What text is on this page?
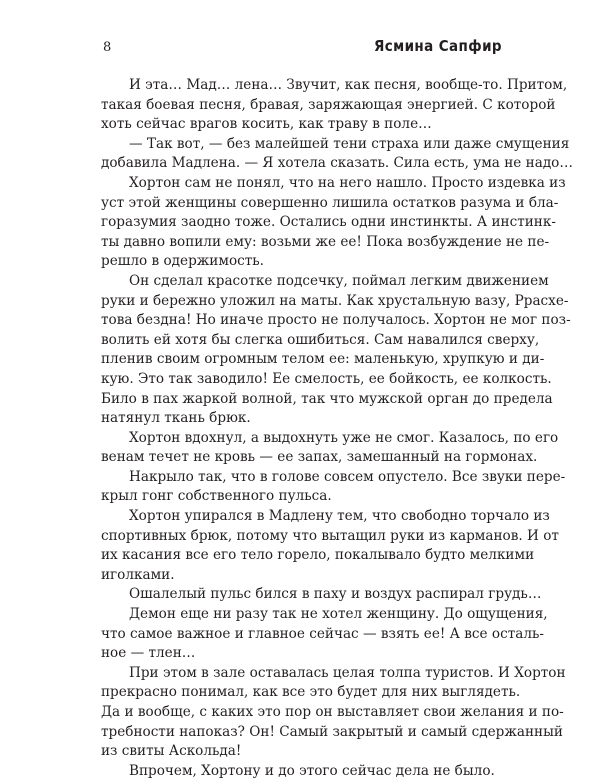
8	Ясмина Сапфир
И эта… Мад… лена… Звучит, как песня, вообще-то. Притом,
такая боевая песня, бравая, заряжающая энергией. С которой
хоть сейчас врагов косить, как траву в поле…
— Так вот, — без малейшей тени страха или даже смущения
добавила Мадлена. — Я хотела сказать. Сила есть, ума не надо…
Хортон сам не понял, что на него нашло. Просто издевка из
уст этой женщины совершенно лишила остатков разума и бла-
горазумия заодно тоже. Остались одни инстинкты. А инстинк-
ты давно вопили ему: возьми же ее! Пока возбуждение не пе-
решло в одержимость.
Он сделал красотке подсечку, поймал легким движением
руки и бережно уложил на маты. Как хрустальную вазу, Ррасхе-
това бездна! Но иначе просто не получалось. Хортон не мог поз-
волить ей хотя бы слегка ошибиться. Сам навалился сверху,
пленив своим огромным телом ее: маленькую, хрупкую и ди-
кую. Это так заводило! Ее смелость, ее бойкость, ее колкость.
Било в пах жаркой волной, так что мужской орган до предела
натянул ткань брюк.
Хортон вдохнул, а выдохнуть уже не смог. Казалось, по его
венам течет не кровь — ее запах, замешанный на гормонах.
Накрыло так, что в голове совсем опустело. Все звуки пере-
крыл гонг собственного пульса.
Хортон упирался в Мадлену тем, что свободно торчало из
спортивных брюк, потому что вытащил руки из карманов. И от
их касания все его тело горело, покалывало будто мелкими
иголками.
Ошалелый пульс бился в паху и воздух распирал грудь…
Демон еще ни разу так не хотел женщину. До ощущения,
что самое важное и главное сейчас — взять ее! А все осталь-
ное — тлен…
При этом в зале оставалась целая толпа туристов. И Хортон
прекрасно понимал, как все это будет для них выглядеть.
Да и вообще, с каких это пор он выставляет свои желания и по-
требности напоказ? Он! Самый закрытый и самый сдержанный
из свиты Аскольда!
Впрочем, Хортону и до этого сейчас дела не было.
